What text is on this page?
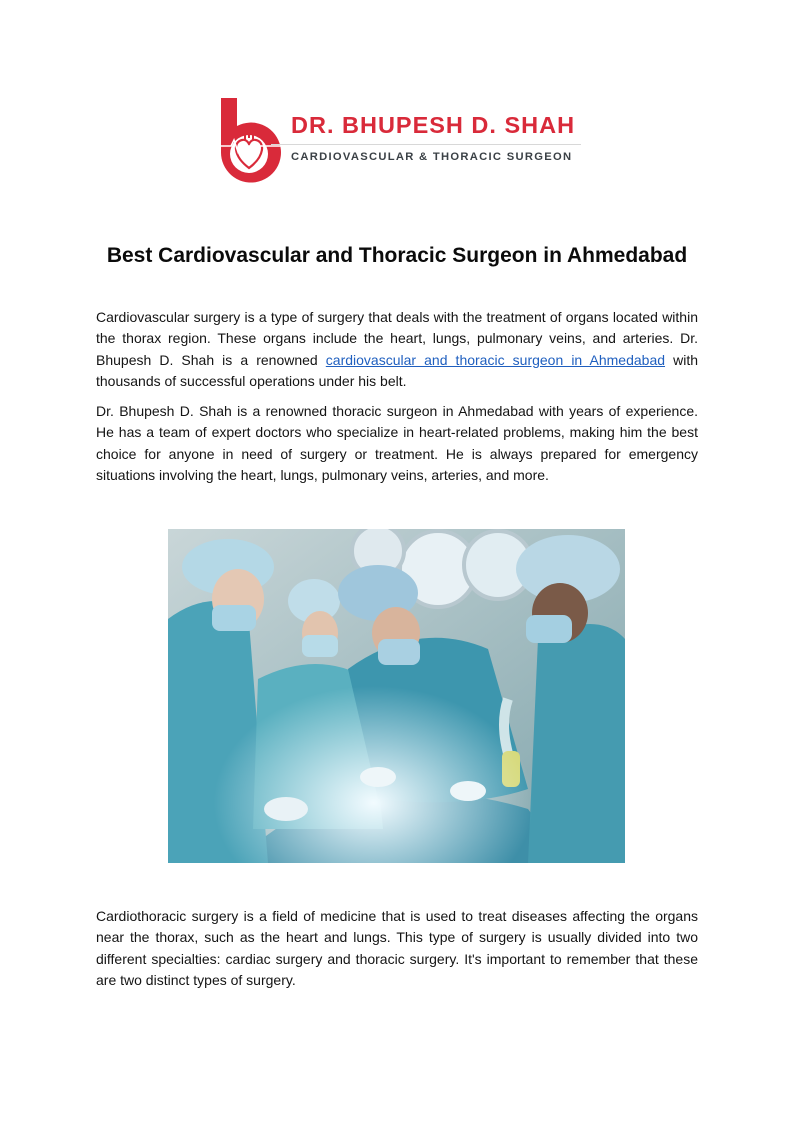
DR. BHUPESH D. SHAH
CARDIOVASCULAR & THORACIC SURGEON
Best Cardiovascular and Thoracic Surgeon in Ahmedabad

Cardiovascular surgery is a type of surgery that deals with the treatment of organs located within the thorax region. These organs include the heart, lungs, pulmonary veins, and arteries. Dr. Bhupesh D. Shah is a renowned cardiovascular and thoracic surgeon in Ahmedabad with thousands of successful operations under his belt.

Dr. Bhupesh D. Shah is a renowned thoracic surgeon in Ahmedabad with years of experience. He has a team of expert doctors who specialize in heart-related problems, making him the best choice for anyone in need of surgery or treatment. He is always prepared for emergency situations involving the heart, lungs, pulmonary veins, arteries, and more.

Cardiothoracic surgery is a field of medicine that is used to treat diseases affecting the organs near the thorax, such as the heart and lungs. This type of surgery is usually divided into two different specialties: cardiac surgery and thoracic surgery. It's important to remember that these are two distinct types of surgery.
